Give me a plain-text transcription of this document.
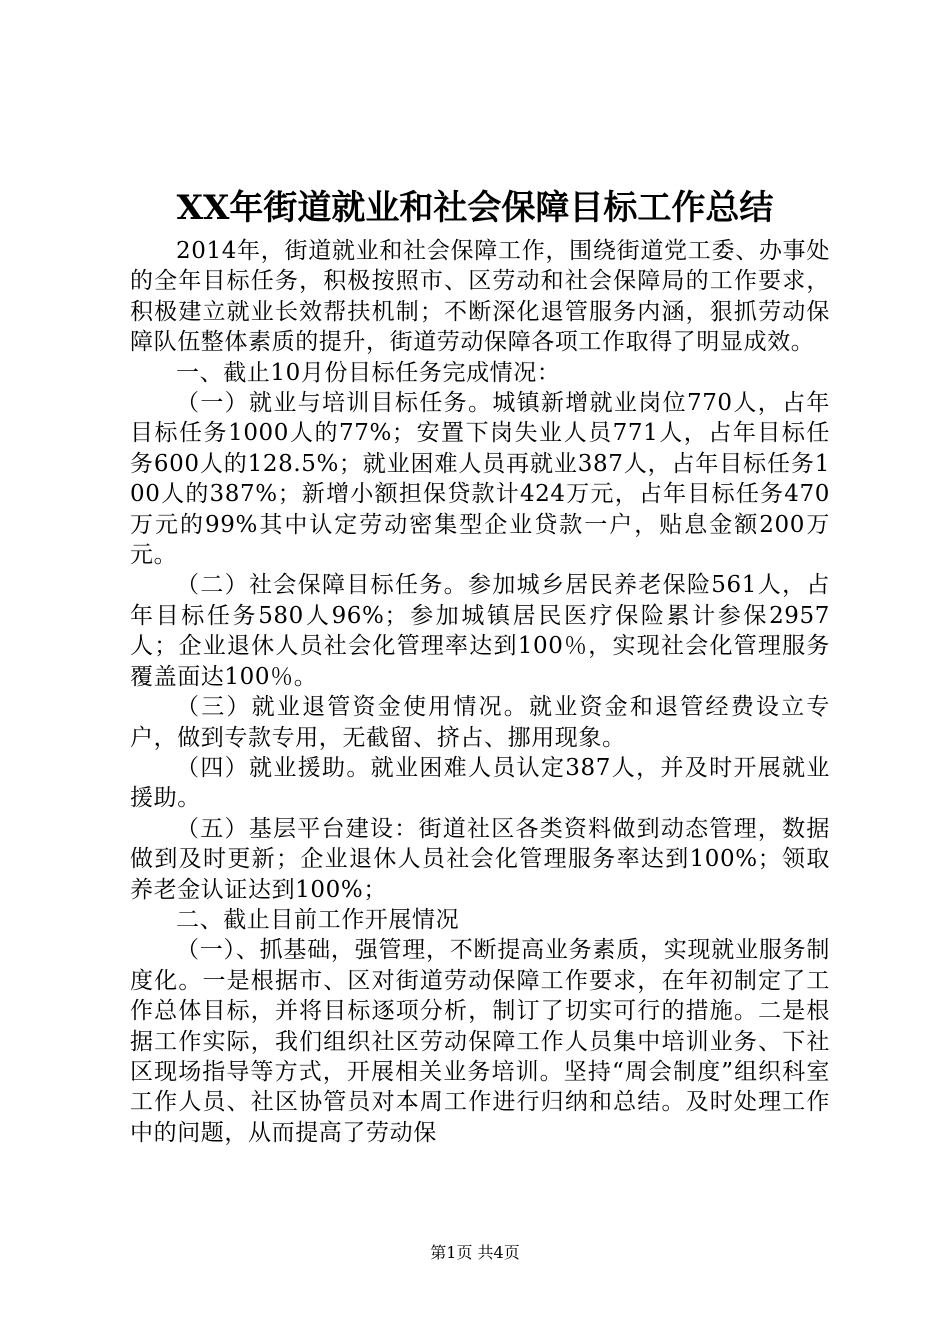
XX年街道就业和社会保障目标工作总结

2014年，街道就业和社会保障工作，围绕街道党工委、办事处的全年目标任务，积极按照市、区劳动和社会保障局的工作要求，积极建立就业长效帮扶机制；不断深化退管服务内涵，狠抓劳动保障队伍整体素质的提升，街道劳动保障各项工作取得了明显成效。

一、截止10月份目标任务完成情况：

（一）就业与培训目标任务。城镇新增就业岗位770人，占年目标任务1000人的77%；安置下岗失业人员771人，占年目标任务600人的128.5%；就业困难人员再就业387人，占年目标任务100人的387%；新增小额担保贷款计424万元，占年目标任务470万元的99%其中认定劳动密集型企业贷款一户，贴息金额200万元。

（二）社会保障目标任务。参加城乡居民养老保险561人，占年目标任务580人96%；参加城镇居民医疗保险累计参保2957人；企业退休人员社会化管理率达到100％，实现社会化管理服务覆盖面达100％。

（三）就业退管资金使用情况。就业资金和退管经费设立专户，做到专款专用，无截留、挤占、挪用现象。

（四）就业援助。就业困难人员认定387人，并及时开展就业援助。

（五）基层平台建设：街道社区各类资料做到动态管理，数据做到及时更新；企业退休人员社会化管理服务率达到100%；领取养老金认证达到100%；

二、截止目前工作开展情况

（一）、抓基础，强管理，不断提高业务素质，实现就业服务制度化。一是根据市、区对街道劳动保障工作要求，在年初制定了工作总体目标，并将目标逐项分析，制订了切实可行的措施。二是根据工作实际，我们组织社区劳动保障工作人员集中培训业务、下社区现场指导等方式，开展相关业务培训。坚持“周会制度”组织科室工作人员、社区协管员对本周工作进行归纳和总结。及时处理工作中的问题，从而提高了劳动保

第1页 共4页
